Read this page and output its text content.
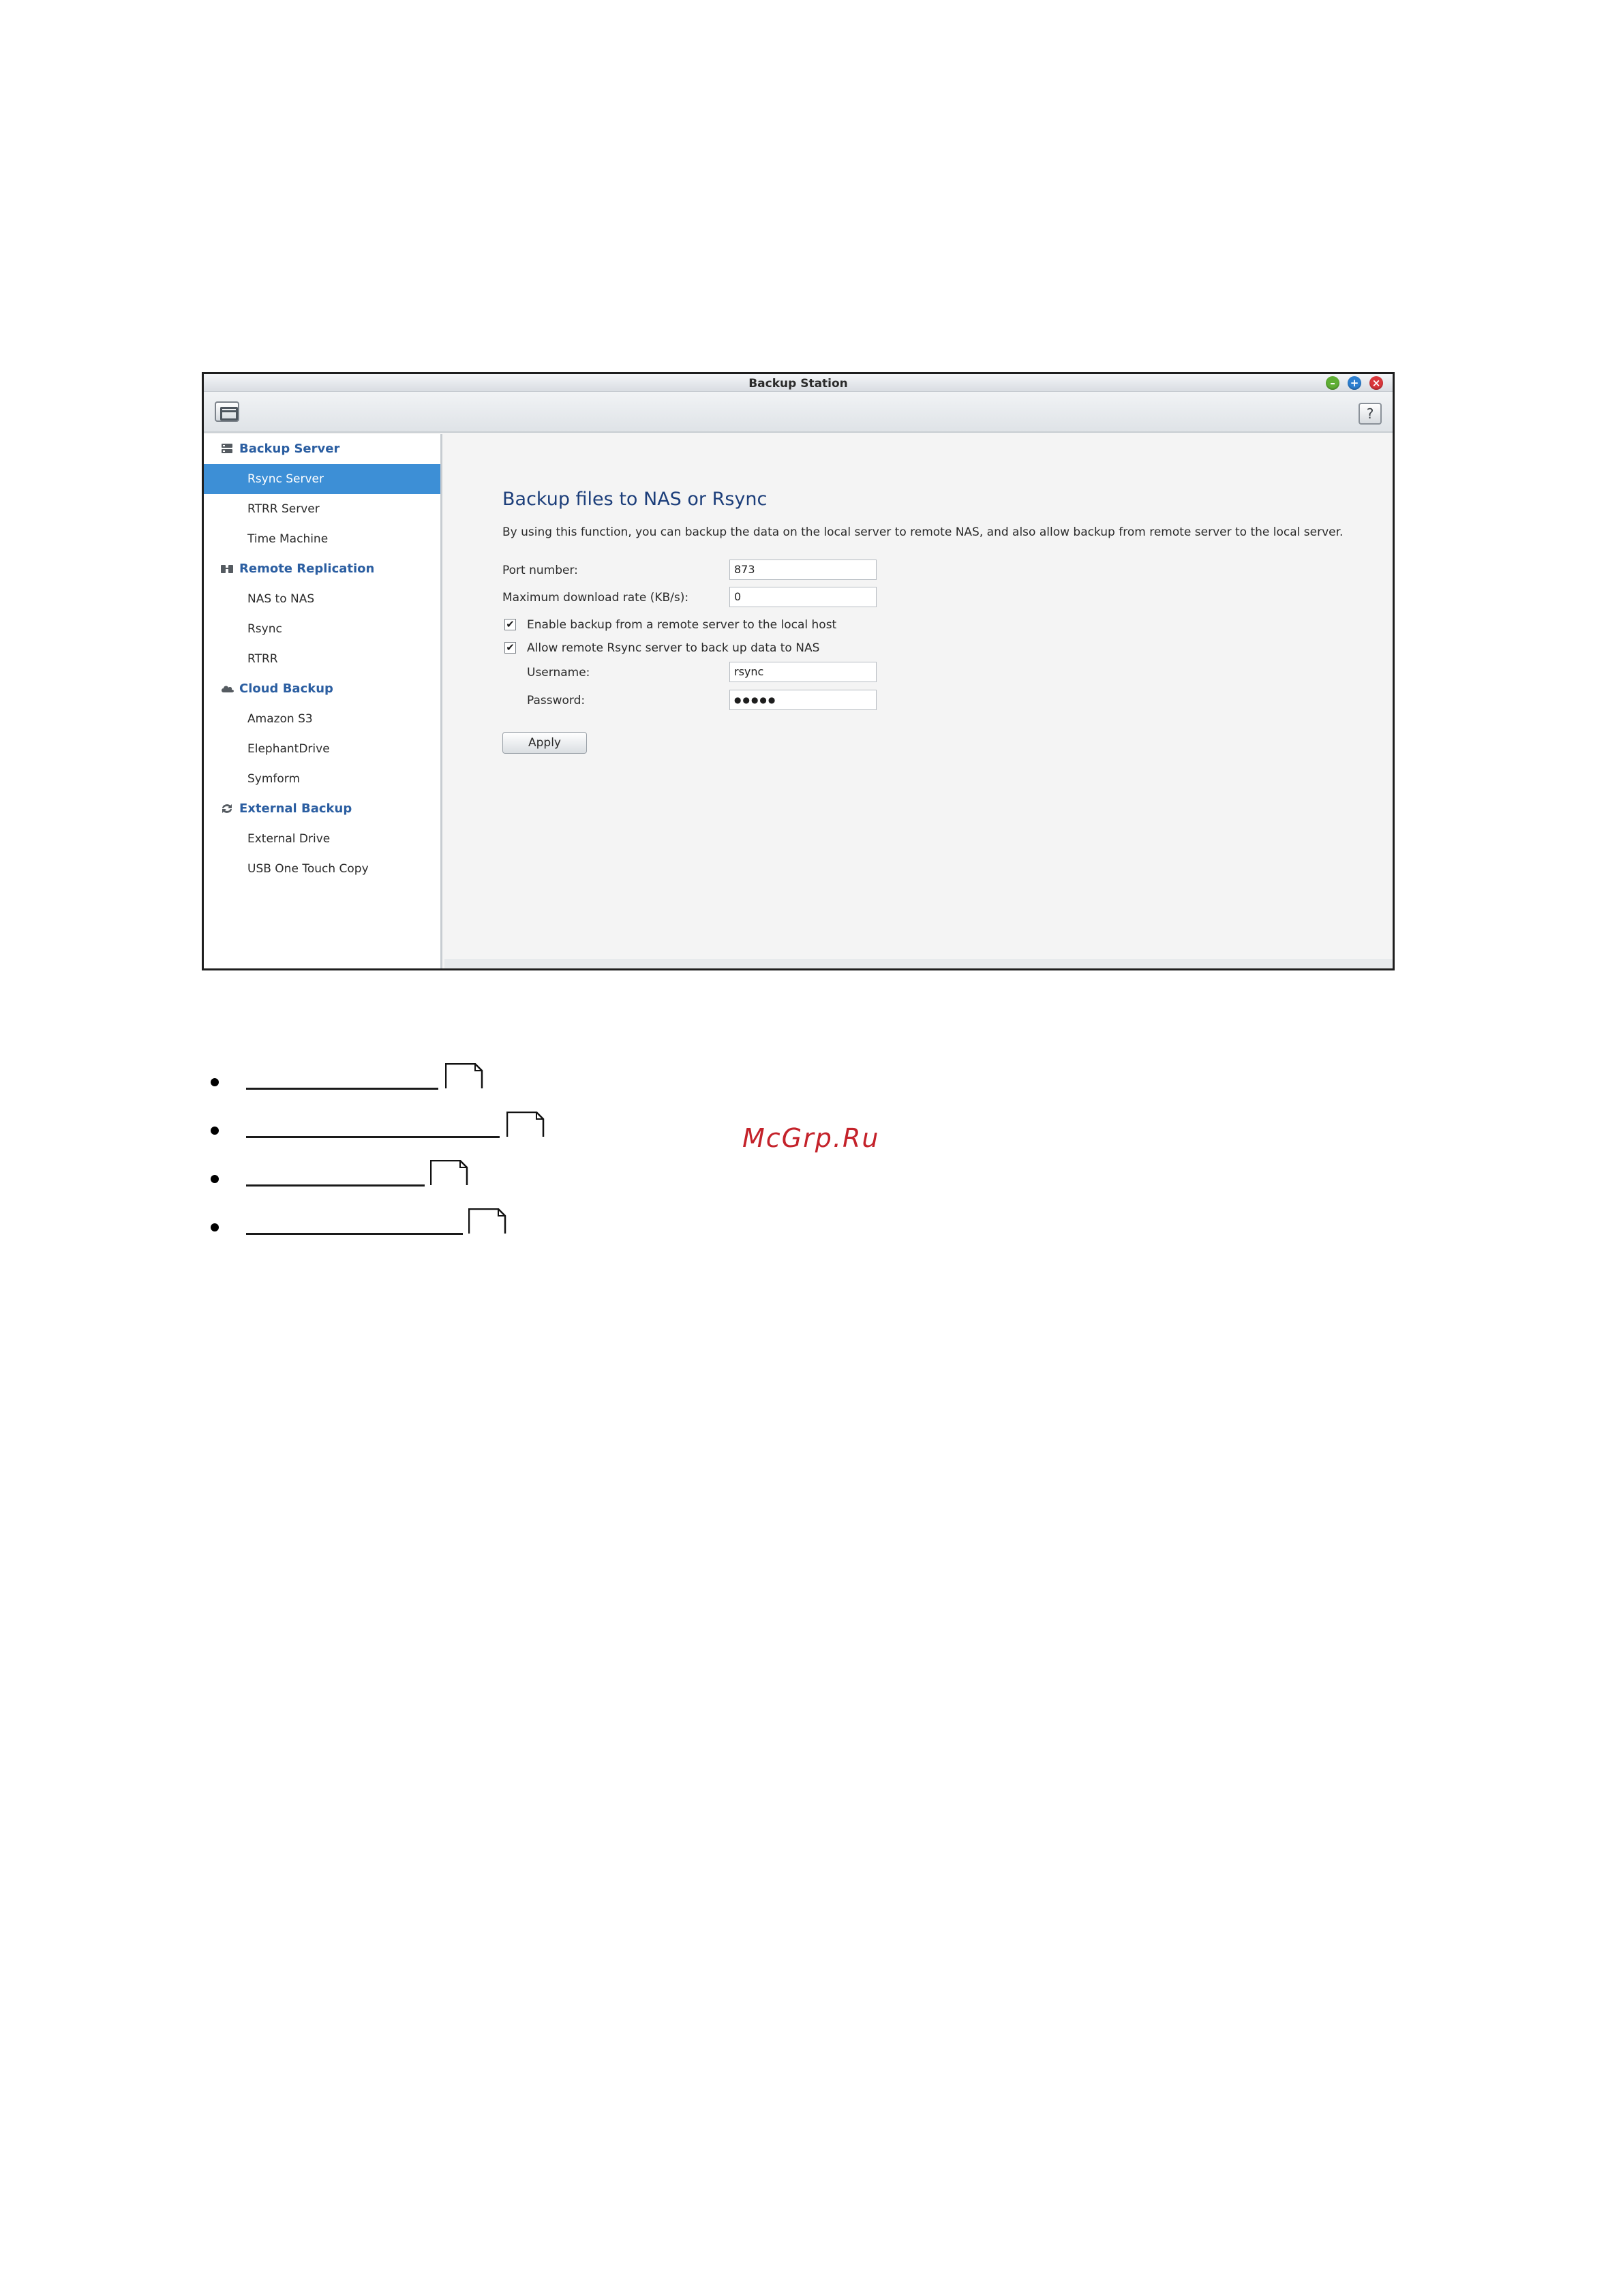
Backup Station	–	+ ×
?
Backup Server
Rsync Server
RTRR Server
Time Machine
Remote Replication
NAS to NAS
Rsync
RTRR
Cloud Backup
Amazon S3
ElephantDrive
Symform
External Backup
External Drive
USB One Touch Copy
Backup files to NAS or Rsync
By using this function, you can backup the data on the local server to remote NAS, and also allow backup from remote server to the local server.
Port number:	873
Maximum download rate (KB/s):	0
✔ Enable backup from a remote server to the local host
✔ Allow remote Rsync server to back up data to NAS
Username:	rsync
Password:	●●●●●
Apply
McGrp.Ru
